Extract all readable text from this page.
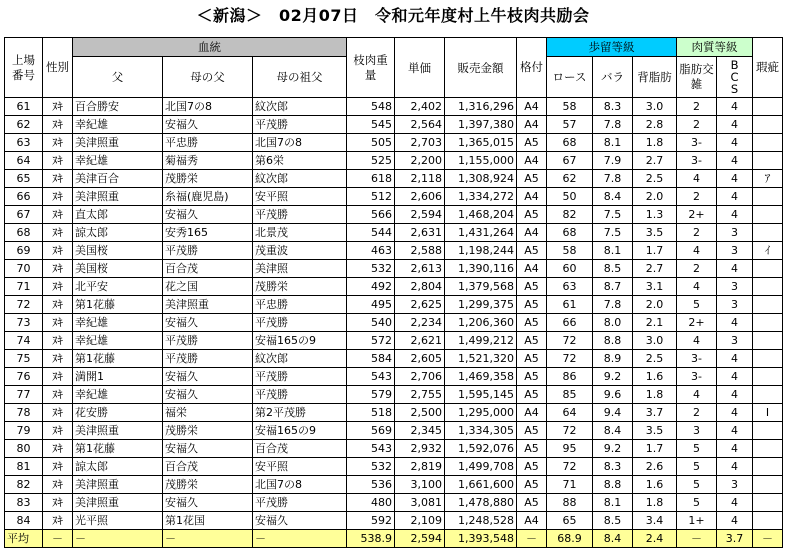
＜新潟＞　02月07日　令和元年度村上牛枝肉共励会
上場番号	性別	血統			枝肉重量	単価	販売金額	格付	歩留等級			肉質等級		瑕疵
		父	母の父	母の祖父					ロース	バラ	背脂肪	脂肪交雑	BCS	
61	ﾇｷ	百合勝安	北国7の8	紋次郎	548	2,402	1,316,296	A4	58	8.3	3.0	2	4	
62	ﾇｷ	幸紀雄	安福久	平茂勝	545	2,564	1,397,380	A4	57	7.8	2.8	2	4	
63	ﾇｷ	美津照重	平忠勝	北国7の8	505	2,703	1,365,015	A5	68	8.1	1.8	3-	4	
64	ﾇｷ	幸紀雄	菊福秀	第6栄	525	2,200	1,155,000	A4	67	7.9	2.7	3-	4	
65	ﾇｷ	美津百合	茂勝栄	紋次郎	618	2,118	1,308,924	A5	62	7.8	2.5	4	4	ｱ
66	ﾇｷ	美津照重	糸福(鹿児島)	安平照	512	2,606	1,334,272	A4	50	8.4	2.0	2	4	
67	ﾇｷ	直太郎	安福久	平茂勝	566	2,594	1,468,204	A5	82	7.5	1.3	2+	4	
68	ﾇｷ	諒太郎	安秀165	北景茂	544	2,631	1,431,264	A4	68	7.5	3.5	2	3	
69	ﾇｷ	美国桜	平茂勝	茂重波	463	2,588	1,198,244	A5	58	8.1	1.7	4	3	ｲ
70	ﾇｷ	美国桜	百合茂	美津照	532	2,613	1,390,116	A4	60	8.5	2.7	2	4	
71	ﾇｷ	北平安	花之国	茂勝栄	492	2,804	1,379,568	A5	63	8.7	3.1	4	3	
72	ﾇｷ	第1花藤	美津照重	平忠勝	495	2,625	1,299,375	A5	61	7.8	2.0	5	3	
73	ﾇｷ	幸紀雄	安福久	平茂勝	540	2,234	1,206,360	A5	66	8.0	2.1	2+	4	
74	ﾇｷ	幸紀雄	平茂勝	安福165の9	572	2,621	1,499,212	A5	72	8.8	3.0	4	3	
75	ﾇｷ	第1花藤	平茂勝	紋次郎	584	2,605	1,521,320	A5	72	8.9	2.5	3-	4	
76	ﾇｷ	満開1	安福久	平茂勝	543	2,706	1,469,358	A5	86	9.2	1.6	3-	4	
77	ﾇｷ	幸紀雄	安福久	平茂勝	579	2,755	1,595,145	A5	85	9.6	1.8	4	4	
78	ﾇｷ	花安勝	福栄	第2平茂勝	518	2,500	1,295,000	A4	64	9.4	3.7	2	4	I
79	ﾇｷ	美津照重	茂勝栄	安福165の9	569	2,345	1,334,305	A5	72	8.4	3.5	3	4	
80	ﾇｷ	第1花藤	安福久	百合茂	543	2,932	1,592,076	A5	95	9.2	1.7	5	4	
81	ﾇｷ	諒太郎	百合茂	安平照	532	2,819	1,499,708	A5	72	8.3	2.6	5	4	
82	ﾇｷ	美津照重	茂勝栄	北国7の8	536	3,100	1,661,600	A5	71	8.8	1.6	5	3	
83	ﾇｷ	美津照重	安福久	平茂勝	480	3,081	1,478,880	A5	88	8.1	1.8	5	4	
84	ﾇｷ	光平照	第1花国	安福久	592	2,109	1,248,528	A4	65	8.5	3.4	1+	4	
平均	－	－	－	－	538.9	2,594	1,393,548	－	68.9	8.4	2.4	－	3.7	－
